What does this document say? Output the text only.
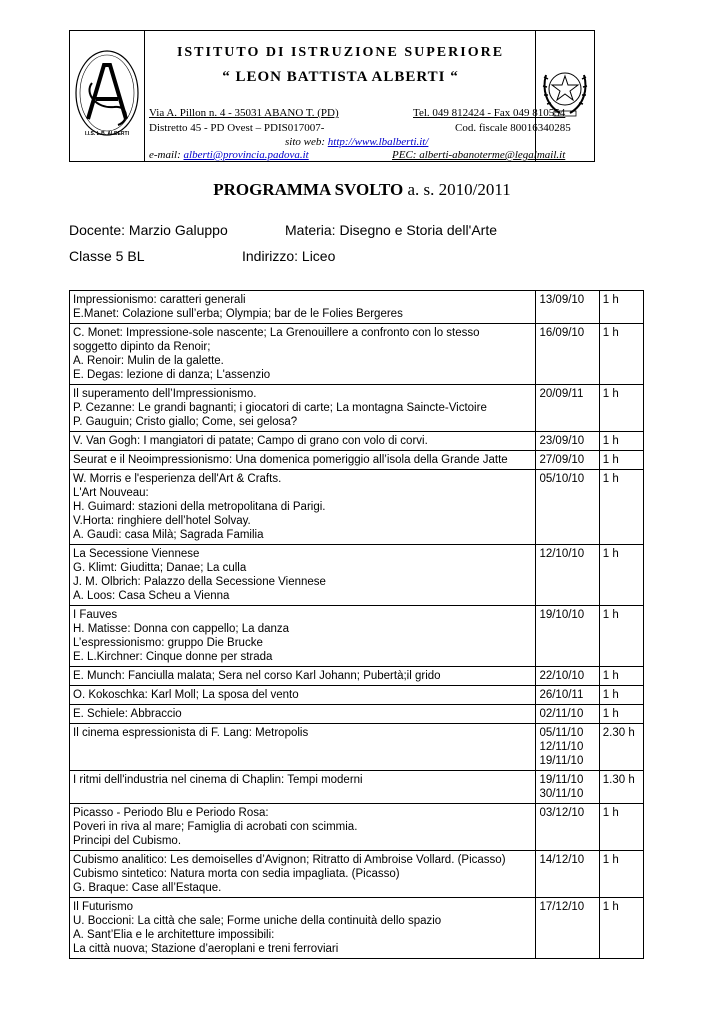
A
I.I.S. L.B. ALBERTI
ISTITUTO DI ISTRUZIONE SUPERIORE
“ LEON BATTISTA ALBERTI “
Via A. Pillon n. 4 - 35031 ABANO T. (PD)	Tel. 049 812424 - Fax 049 810554
Distretto 45 - PD Ovest – PDIS017007-	Cod. fiscale 80016340285
sito web: http://www.lbalberti.it/
e-mail: alberti@provincia.padova.it	PEC: alberti-abanoterme@legalmail.it
PROGRAMMA SVOLTO a. s. 2010/2011
Docente: Marzio Galuppo	Materia: Disegno e Storia dell'Arte
Classe 5 BL	Indirizzo: Liceo
Impressionismo: caratteri generali
E.Manet: Colazione sull’erba; Olympia; bar de le Folies Bergeres	13/09/10	1 h

C. Monet: Impressione-sole nascente; La Grenouillere a confronto con lo stesso
soggetto dipinto da Renoir;
A. Renoir: Mulin de la galette.
E. Degas: lezione di danza; L'assenzio	16/09/10	1 h

Il superamento dell’Impressionismo.
P. Cezanne: Le grandi bagnanti; i giocatori di carte; La montagna Saincte-Victoire
P. Gauguin; Cristo giallo; Come, sei gelosa?	20/09/11	1 h

V. Van Gogh: I mangiatori di patate; Campo di grano con volo di corvi.	23/09/10	1 h

Seurat e il Neoimpressionismo: Una domenica pomeriggio all’isola della Grande Jatte	27/09/10	1 h

W. Morris e l'esperienza dell'Art & Crafts.
L'Art Nouveau:
H. Guimard: stazioni della metropolitana di Parigi.
V.Horta: ringhiere dell’hotel Solvay.
A. Gaudì: casa Milà; Sagrada Familia	05/10/10	1 h

La Secessione Viennese
G. Klimt: Giuditta; Danae; La culla
J. M. Olbrich: Palazzo della Secessione Viennese
A. Loos: Casa Scheu a Vienna	12/10/10	1 h

I Fauves
H. Matisse: Donna con cappello; La danza
L’espressionismo: gruppo Die Brucke
E. L.Kirchner: Cinque donne per strada	19/10/10	1 h

E. Munch: Fanciulla malata; Sera nel corso Karl Johann; Pubertà;il grido	22/10/10	1 h

O. Kokoschka: Karl Moll; La sposa del vento	26/10/11	1 h

E. Schiele: Abbraccio	02/11/10	1 h

Il cinema espressionista di F. Lang: Metropolis	05/11/10
12/11/10
19/11/10	2.30 h

I ritmi dell'industria nel cinema di Chaplin: Tempi moderni	19/11/10
30/11/10	1.30 h

Picasso - Periodo Blu e Periodo Rosa:
Poveri in riva al mare; Famiglia di acrobati con scimmia.
Principi del Cubismo.	03/12/10	1 h

Cubismo analitico: Les demoiselles d’Avignon; Ritratto di Ambroise Vollard. (Picasso)
Cubismo sintetico: Natura morta con sedia impagliata. (Picasso)
G. Braque: Case all’Estaque.	14/12/10	1 h

Il Futurismo
U. Boccioni: La città che sale; Forme uniche della continuità dello spazio
A. Sant’Elia e le architetture impossibili:
La città nuova; Stazione d’aeroplani e treni ferroviari	17/12/10	1 h
